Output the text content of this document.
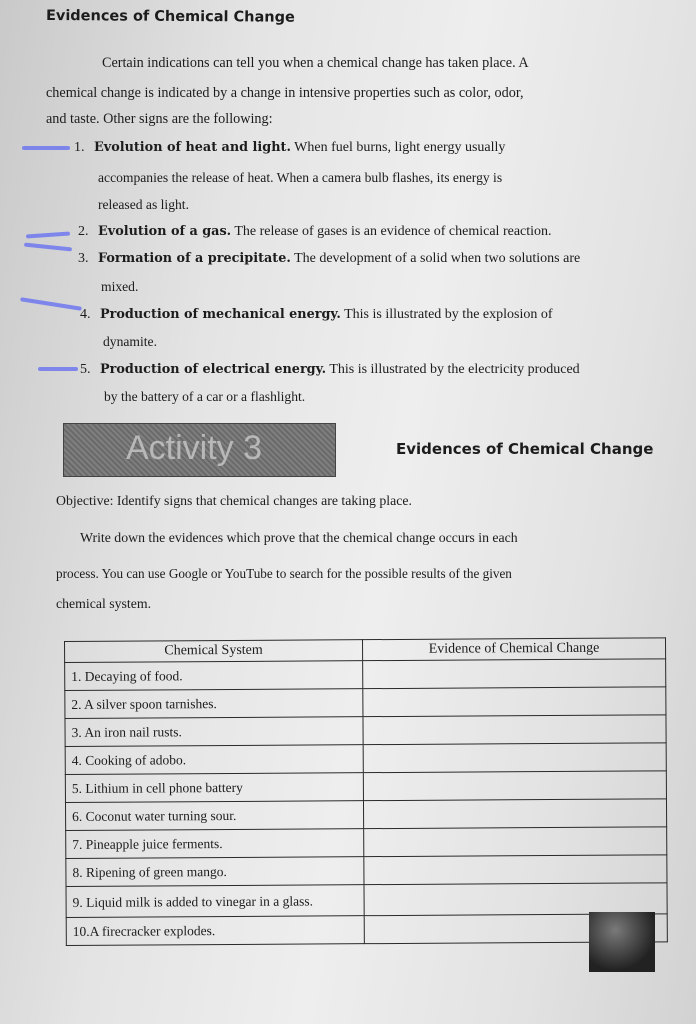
Evidences of Chemical Change
Certain indications can tell you when a chemical change has taken place. A
chemical change is indicated by a change in intensive properties such as color, odor,
and taste. Other signs are the following:
1. Evolution of heat and light. When fuel burns, light energy usually
accompanies the release of heat. When a camera bulb flashes, its energy is
released as light.
2. Evolution of a gas. The release of gases is an evidence of chemical reaction.
3. Formation of a precipitate. The development of a solid when two solutions are
mixed.
4. Production of mechanical energy. This is illustrated by the explosion of
dynamite.
5. Production of electrical energy. This is illustrated by the electricity produced
by the battery of a car or a flashlight.
Activity 3	Evidences of Chemical Change
Objective: Identify signs that chemical changes are taking place.
Write down the evidences which prove that the chemical change occurs in each
process. You can use Google or YouTube to search for the possible results of the given
chemical system.
Chemical System	Evidence of Chemical Change
1. Decaying of food.	
2. A silver spoon tarnishes.	
3. An iron nail rusts.	
4. Cooking of adobo.	
5. Lithium in cell phone battery	
6. Coconut water turning sour.	
7. Pineapple juice ferments.	
8. Ripening of green mango.	
9. Liquid milk is added to vinegar in a glass.	
10.A firecracker explodes.	
